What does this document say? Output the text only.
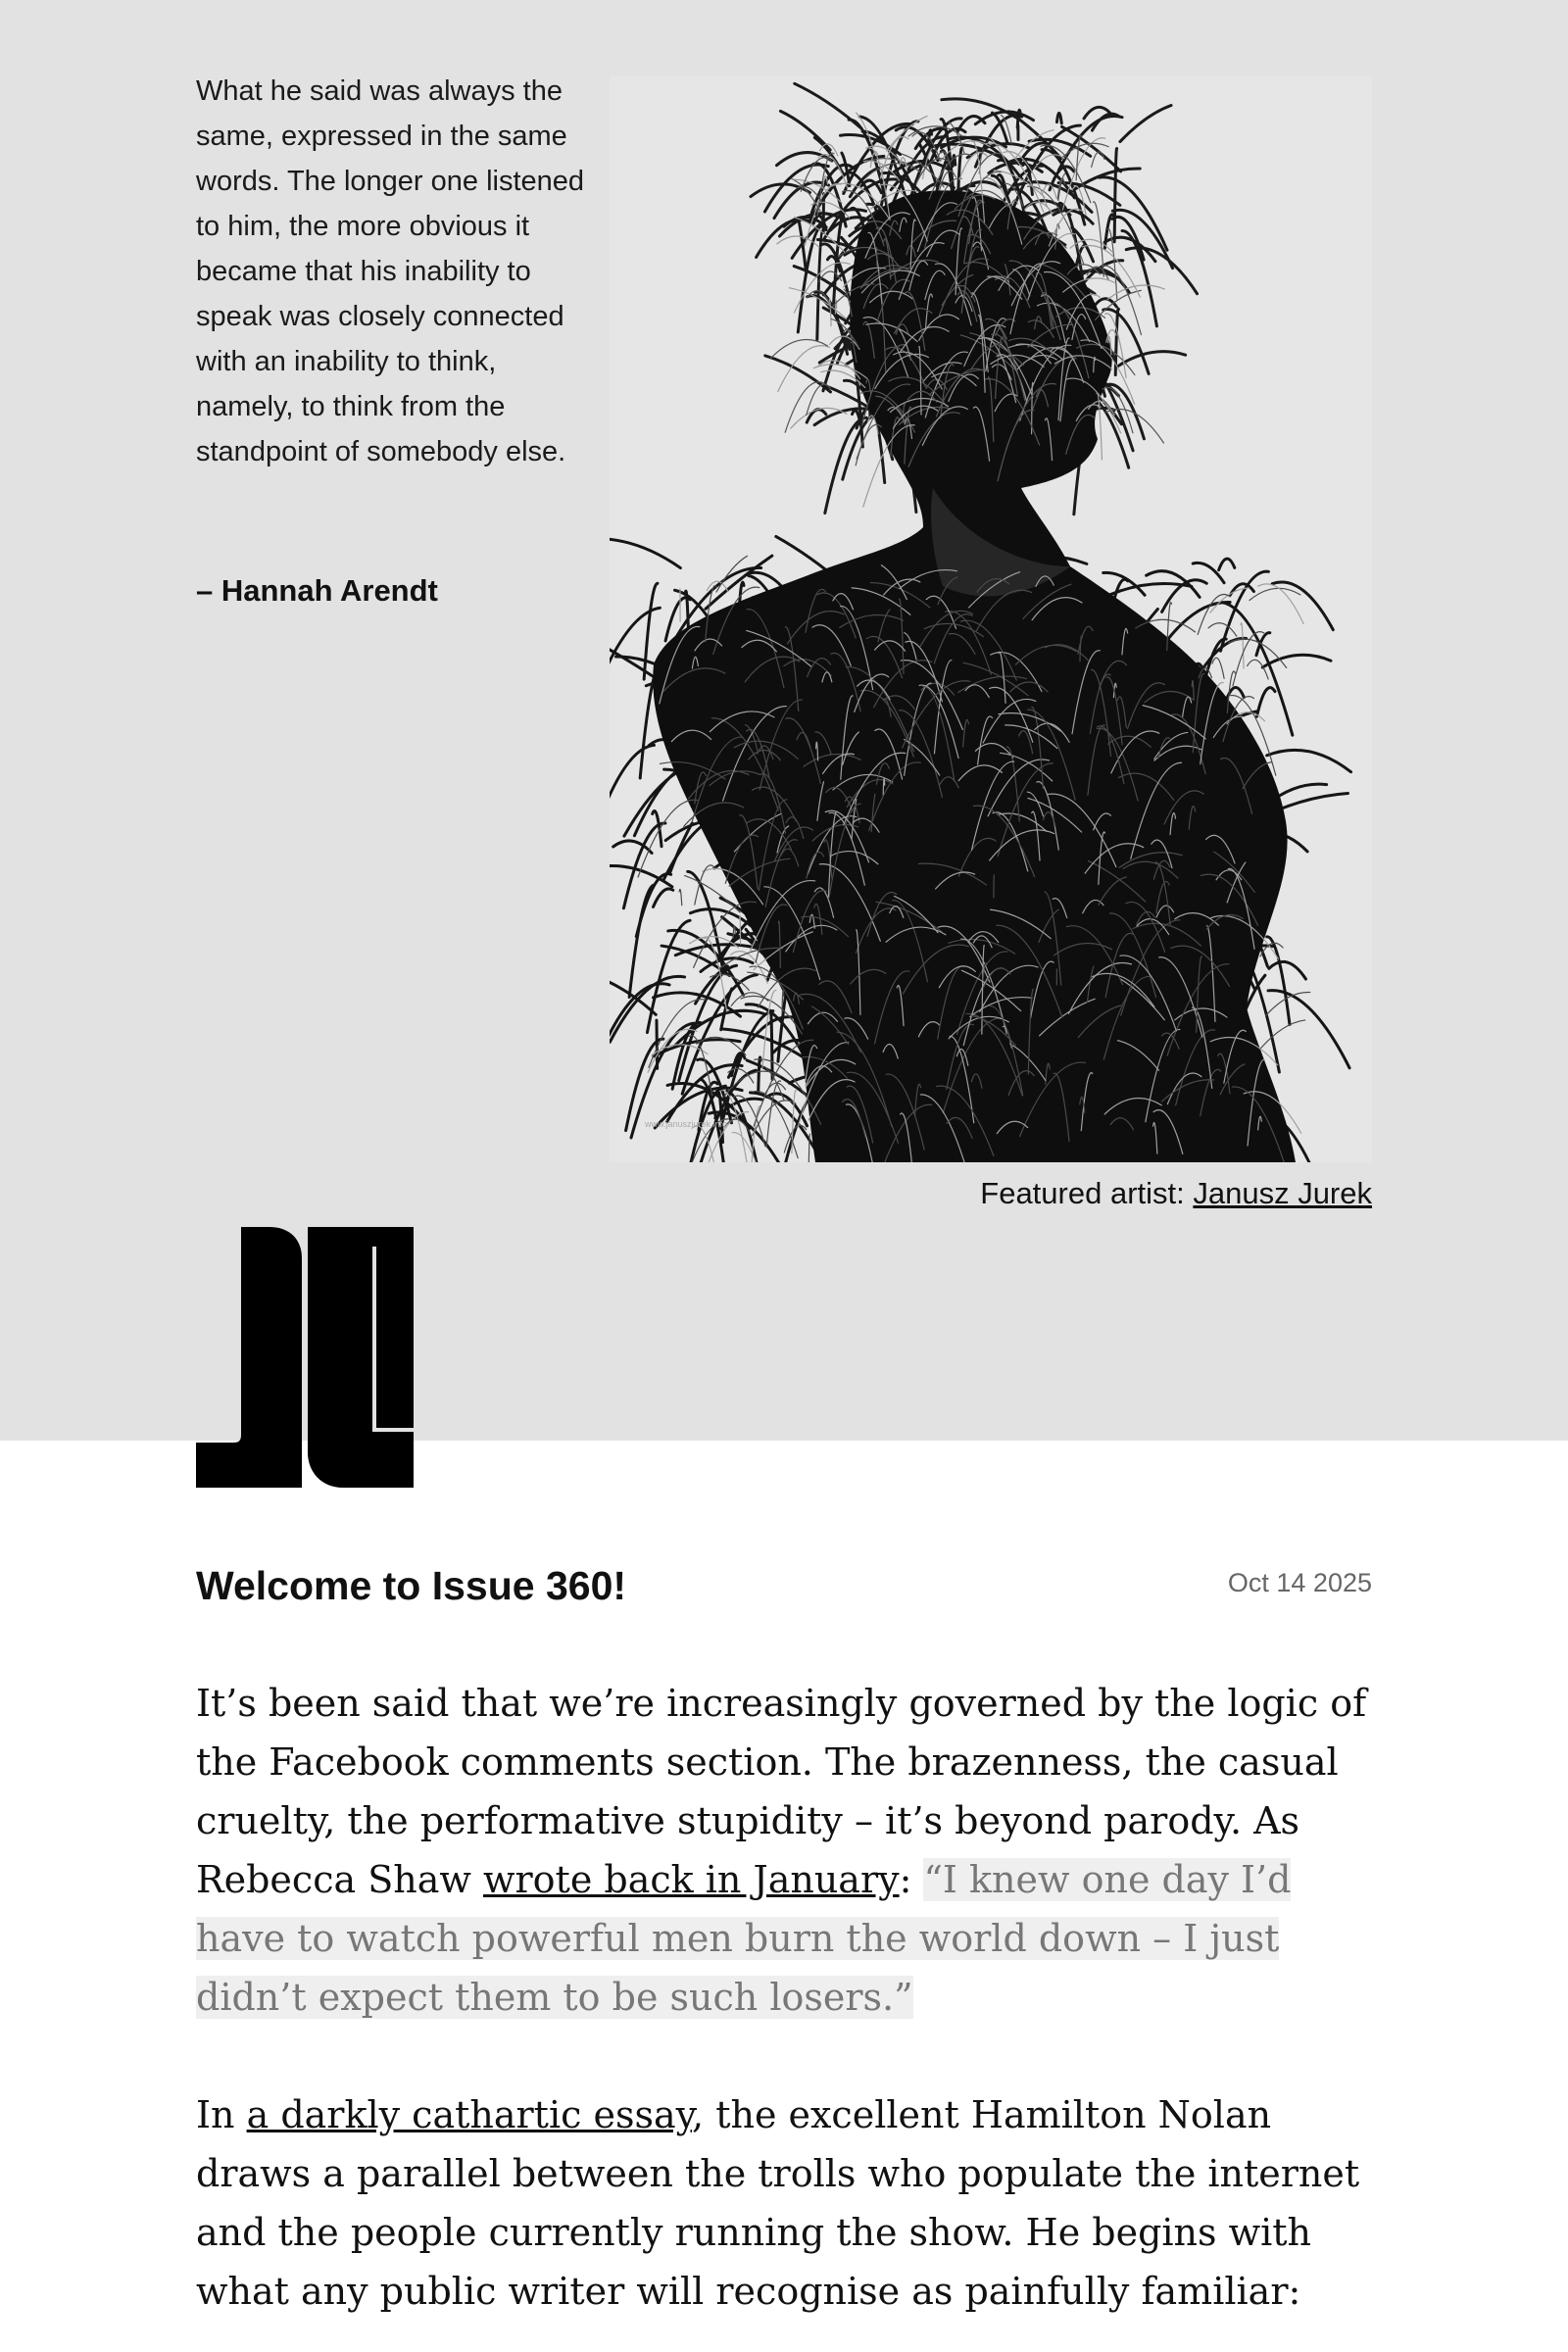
What he said was always the same, expressed in the same words. The longer one listened to him, the more obvious it became that his inability to speak was closely connected with an inability to think, namely, to think from the standpoint of somebody else.
– Hannah Arendt
www.januszjurek.info
Featured artist: Janusz Jurek
Welcome to Issue 360!	Oct 14 2025
It’s been said that we’re increasingly governed by the logic of the Facebook comments section. The brazenness, the casual cruelty, the performative stupidity – it’s beyond parody. As Rebecca Shaw wrote back in January: “I knew one day I’d have to watch powerful men burn the world down – I just didn’t expect them to be such losers.”
In a darkly cathartic essay, the excellent Hamilton Nolan draws a parallel between the trolls who populate the internet and the people currently running the show. He begins with what any public writer will recognise as painfully familiar:
